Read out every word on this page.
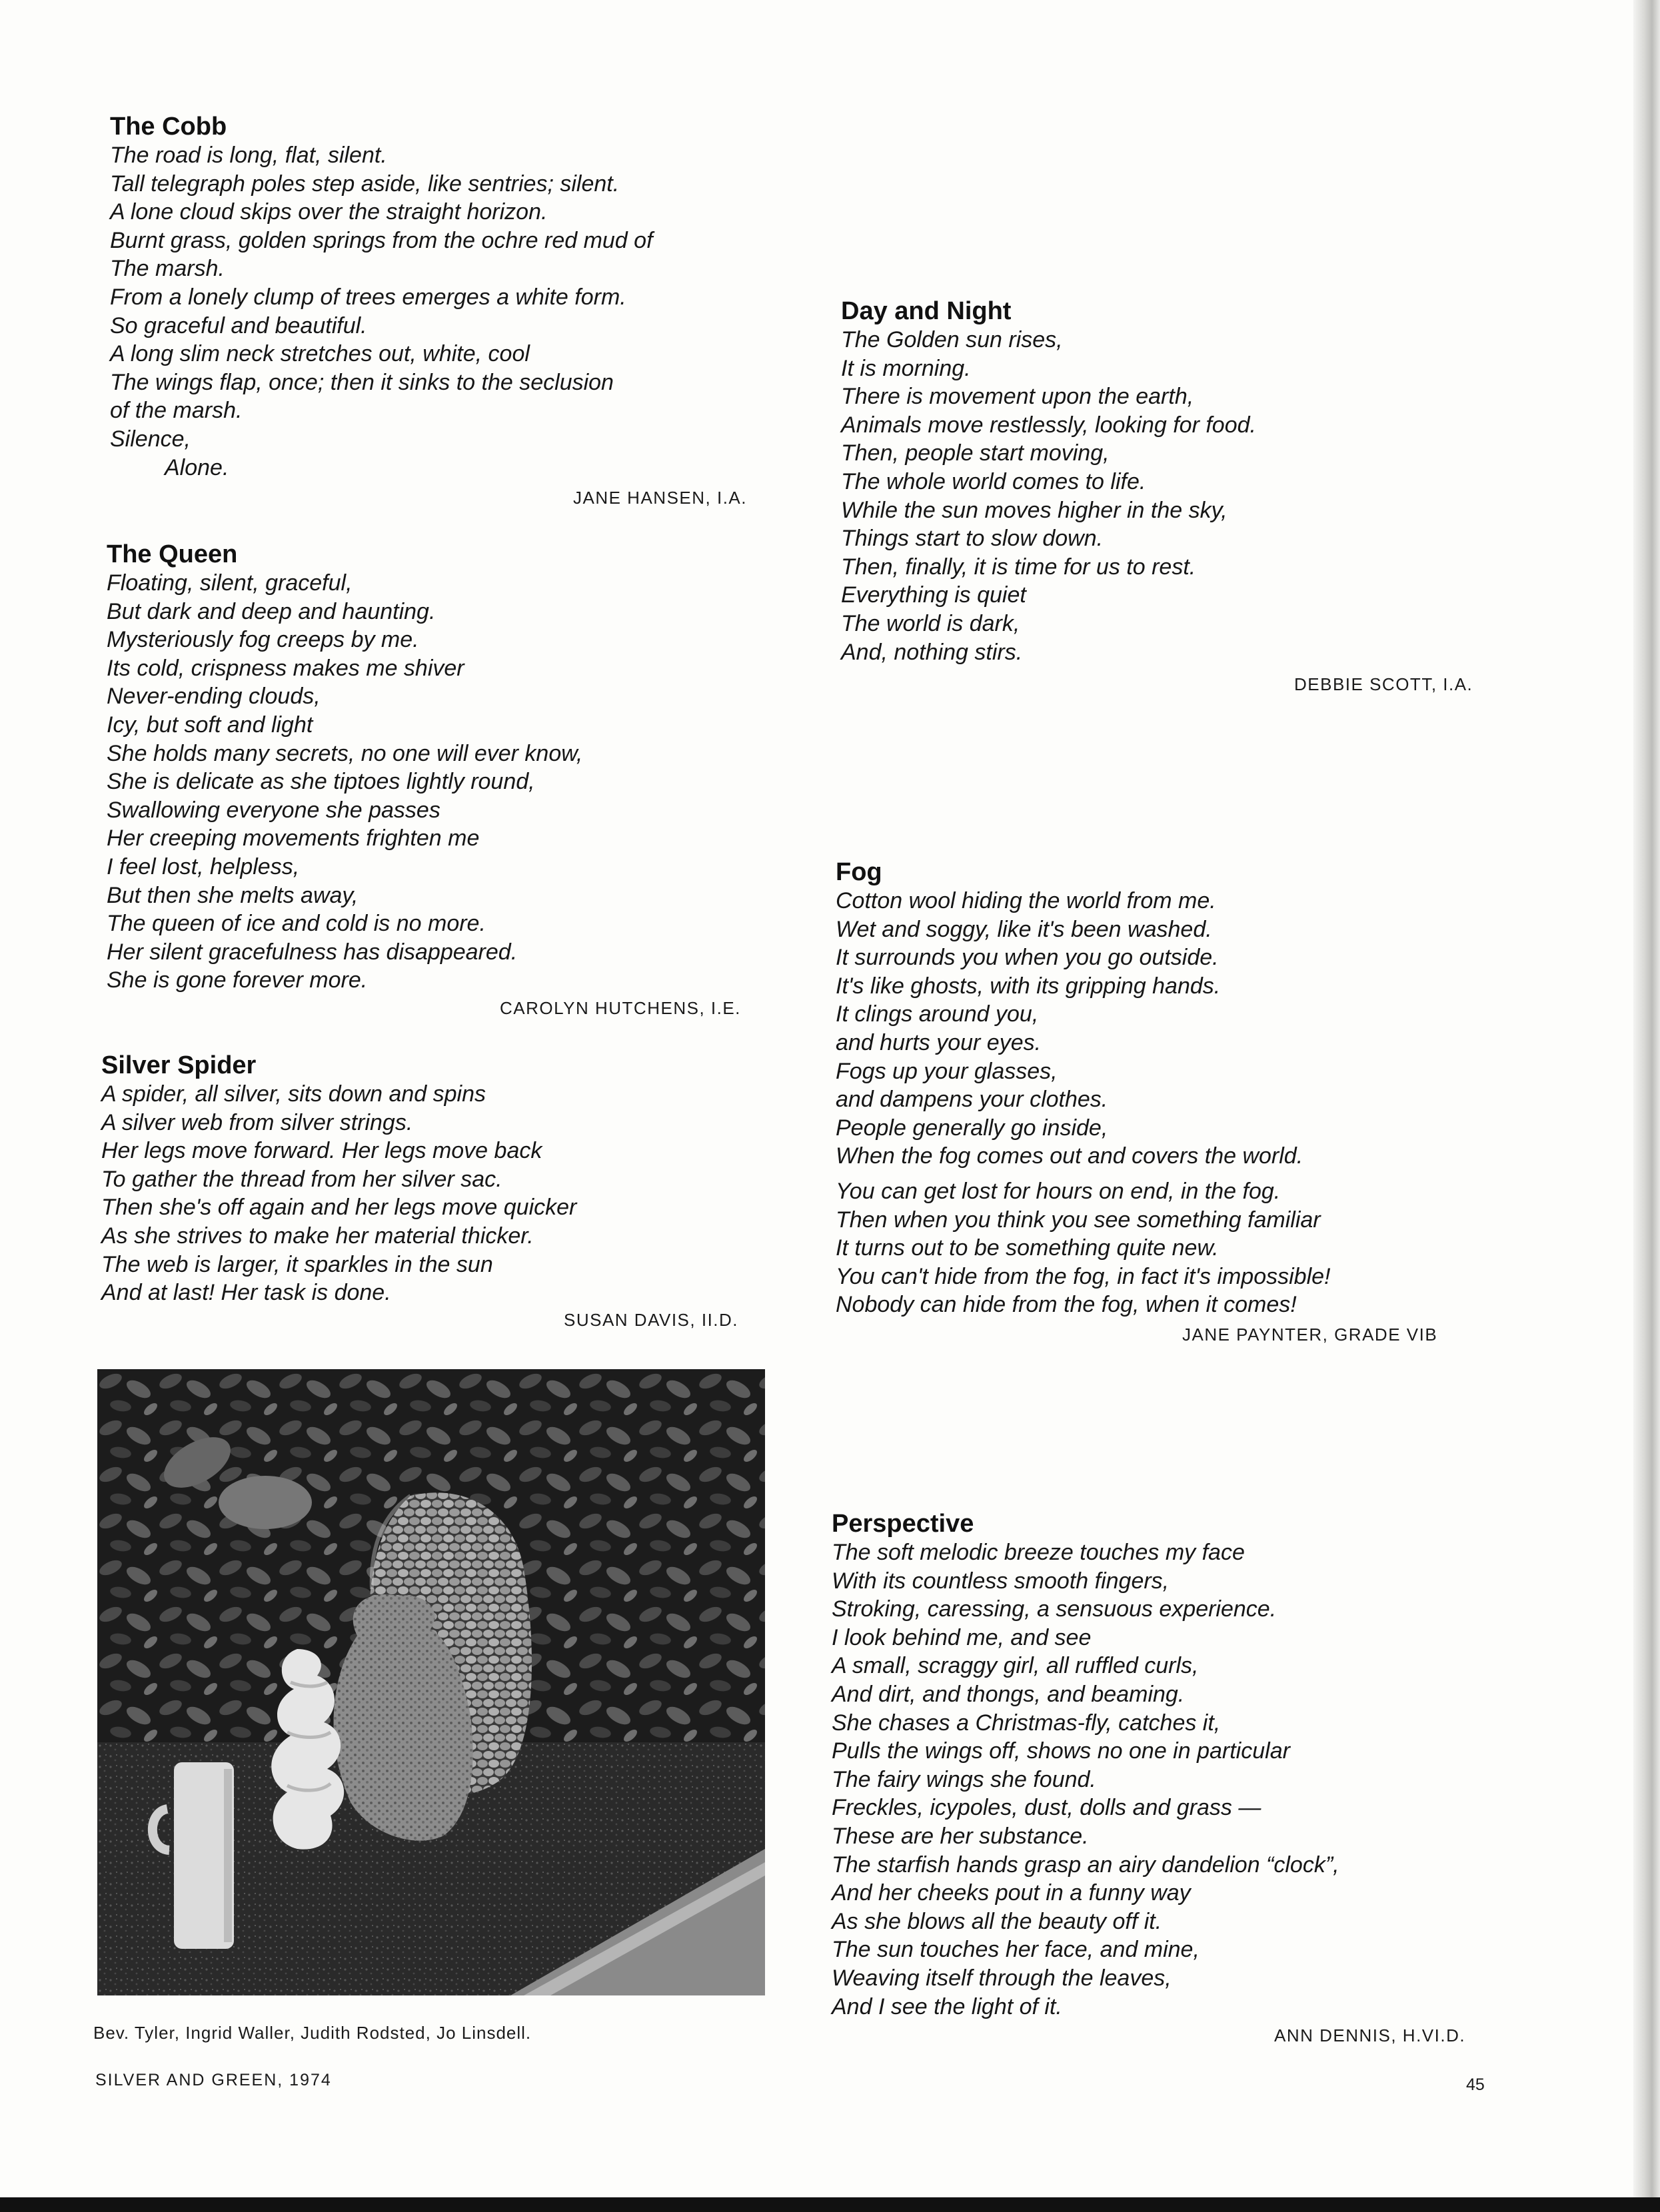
The Cobb
The road is long, flat, silent.
Tall telegraph poles step aside, like sentries; silent.
A lone cloud skips over the straight horizon.
Burnt grass, golden springs from the ochre red mud of
The marsh.
From a lonely clump of trees emerges a white form.
So graceful and beautiful.
A long slim neck stretches out, white, cool
The wings flap, once; then it sinks to the seclusion
of the marsh.
Silence,
Alone.
JANE HANSEN, I.A.
The Queen
Floating, silent, graceful,
But dark and deep and haunting.
Mysteriously fog creeps by me.
Its cold, crispness makes me shiver
Never-ending clouds,
Icy, but soft and light
She holds many secrets, no one will ever know,
She is delicate as she tiptoes lightly round,
Swallowing everyone she passes
Her creeping movements frighten me
I feel lost, helpless,
But then she melts away,
The queen of ice and cold is no more.
Her silent gracefulness has disappeared.
She is gone forever more.
CAROLYN HUTCHENS, I.E.
Silver Spider
A spider, all silver, sits down and spins
A silver web from silver strings.
Her legs move forward. Her legs move back
To gather the thread from her silver sac.
Then she's off again and her legs move quicker
As she strives to make her material thicker.
The web is larger, it sparkles in the sun
And at last! Her task is done.
SUSAN DAVIS, II.D.
Bev. Tyler, Ingrid Waller, Judith Rodsted, Jo Linsdell.
Day and Night
The Golden sun rises,
It is morning.
There is movement upon the earth,
Animals move restlessly, looking for food.
Then, people start moving,
The whole world comes to life.
While the sun moves higher in the sky,
Things start to slow down.
Then, finally, it is time for us to rest.
Everything is quiet
The world is dark,
And, nothing stirs.
DEBBIE SCOTT, I.A.
Fog
Cotton wool hiding the world from me.
Wet and soggy, like it's been washed.
It surrounds you when you go outside.
It's like ghosts, with its gripping hands.
It clings around you,
and hurts your eyes.
Fogs up your glasses,
and dampens your clothes.
People generally go inside,
When the fog comes out and covers the world.
You can get lost for hours on end, in the fog.
Then when you think you see something familiar
It turns out to be something quite new.
You can't hide from the fog, in fact it's impossible!
Nobody can hide from the fog, when it comes!
JANE PAYNTER, GRADE VIB
Perspective
The soft melodic breeze touches my face
With its countless smooth fingers,
Stroking, caressing, a sensuous experience.
I look behind me, and see
A small, scraggy girl, all ruffled curls,
And dirt, and thongs, and beaming.
She chases a Christmas-fly, catches it,
Pulls the wings off, shows no one in particular
The fairy wings she found.
Freckles, icypoles, dust, dolls and grass —
These are her substance.
The starfish hands grasp an airy dandelion “clock”,
And her cheeks pout in a funny way
As she blows all the beauty off it.
The sun touches her face, and mine,
Weaving itself through the leaves,
And I see the light of it.
ANN DENNIS, H.VI.D.
SILVER AND GREEN, 1974	45
